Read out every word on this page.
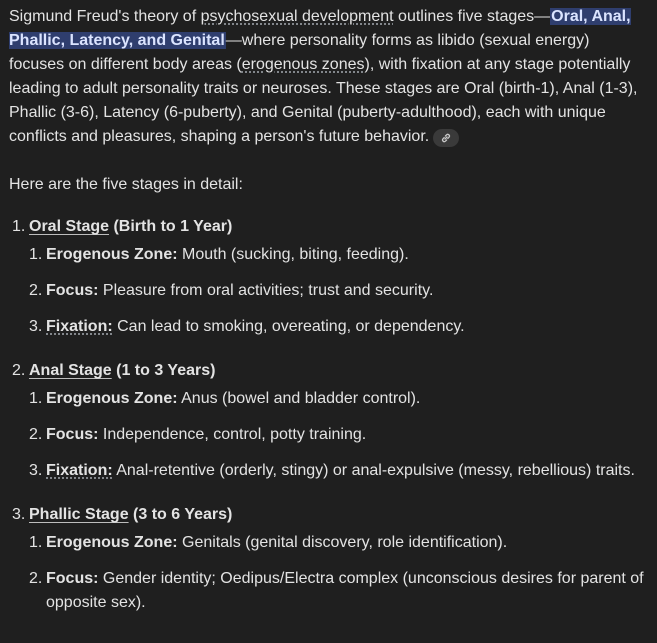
Sigmund Freud's theory of psychosexual development outlines five stages—Oral, Anal, Phallic, Latency, and Genital—where personality forms as libido (sexual energy) focuses on different body areas (erogenous zones), with fixation at any stage potentially leading to adult personality traits or neuroses. These stages are Oral (birth-1), Anal (1-3), Phallic (3-6), Latency (6-puberty), and Genital (puberty-adulthood), each with unique conflicts and pleasures, shaping a person's future behavior.

Here are the five stages in detail:

1. Oral Stage (Birth to 1 Year)
1. Erogenous Zone: Mouth (sucking, biting, feeding).
2. Focus: Pleasure from oral activities; trust and security.
3. Fixation: Can lead to smoking, overeating, or dependency.
2. Anal Stage (1 to 3 Years)
1. Erogenous Zone: Anus (bowel and bladder control).
2. Focus: Independence, control, potty training.
3. Fixation: Anal-retentive (orderly, stingy) or anal-expulsive (messy, rebellious) traits.
3. Phallic Stage (3 to 6 Years)
1. Erogenous Zone: Genitals (genital discovery, role identification).
2. Focus: Gender identity; Oedipus/Electra complex (unconscious desires for parent of opposite sex).
